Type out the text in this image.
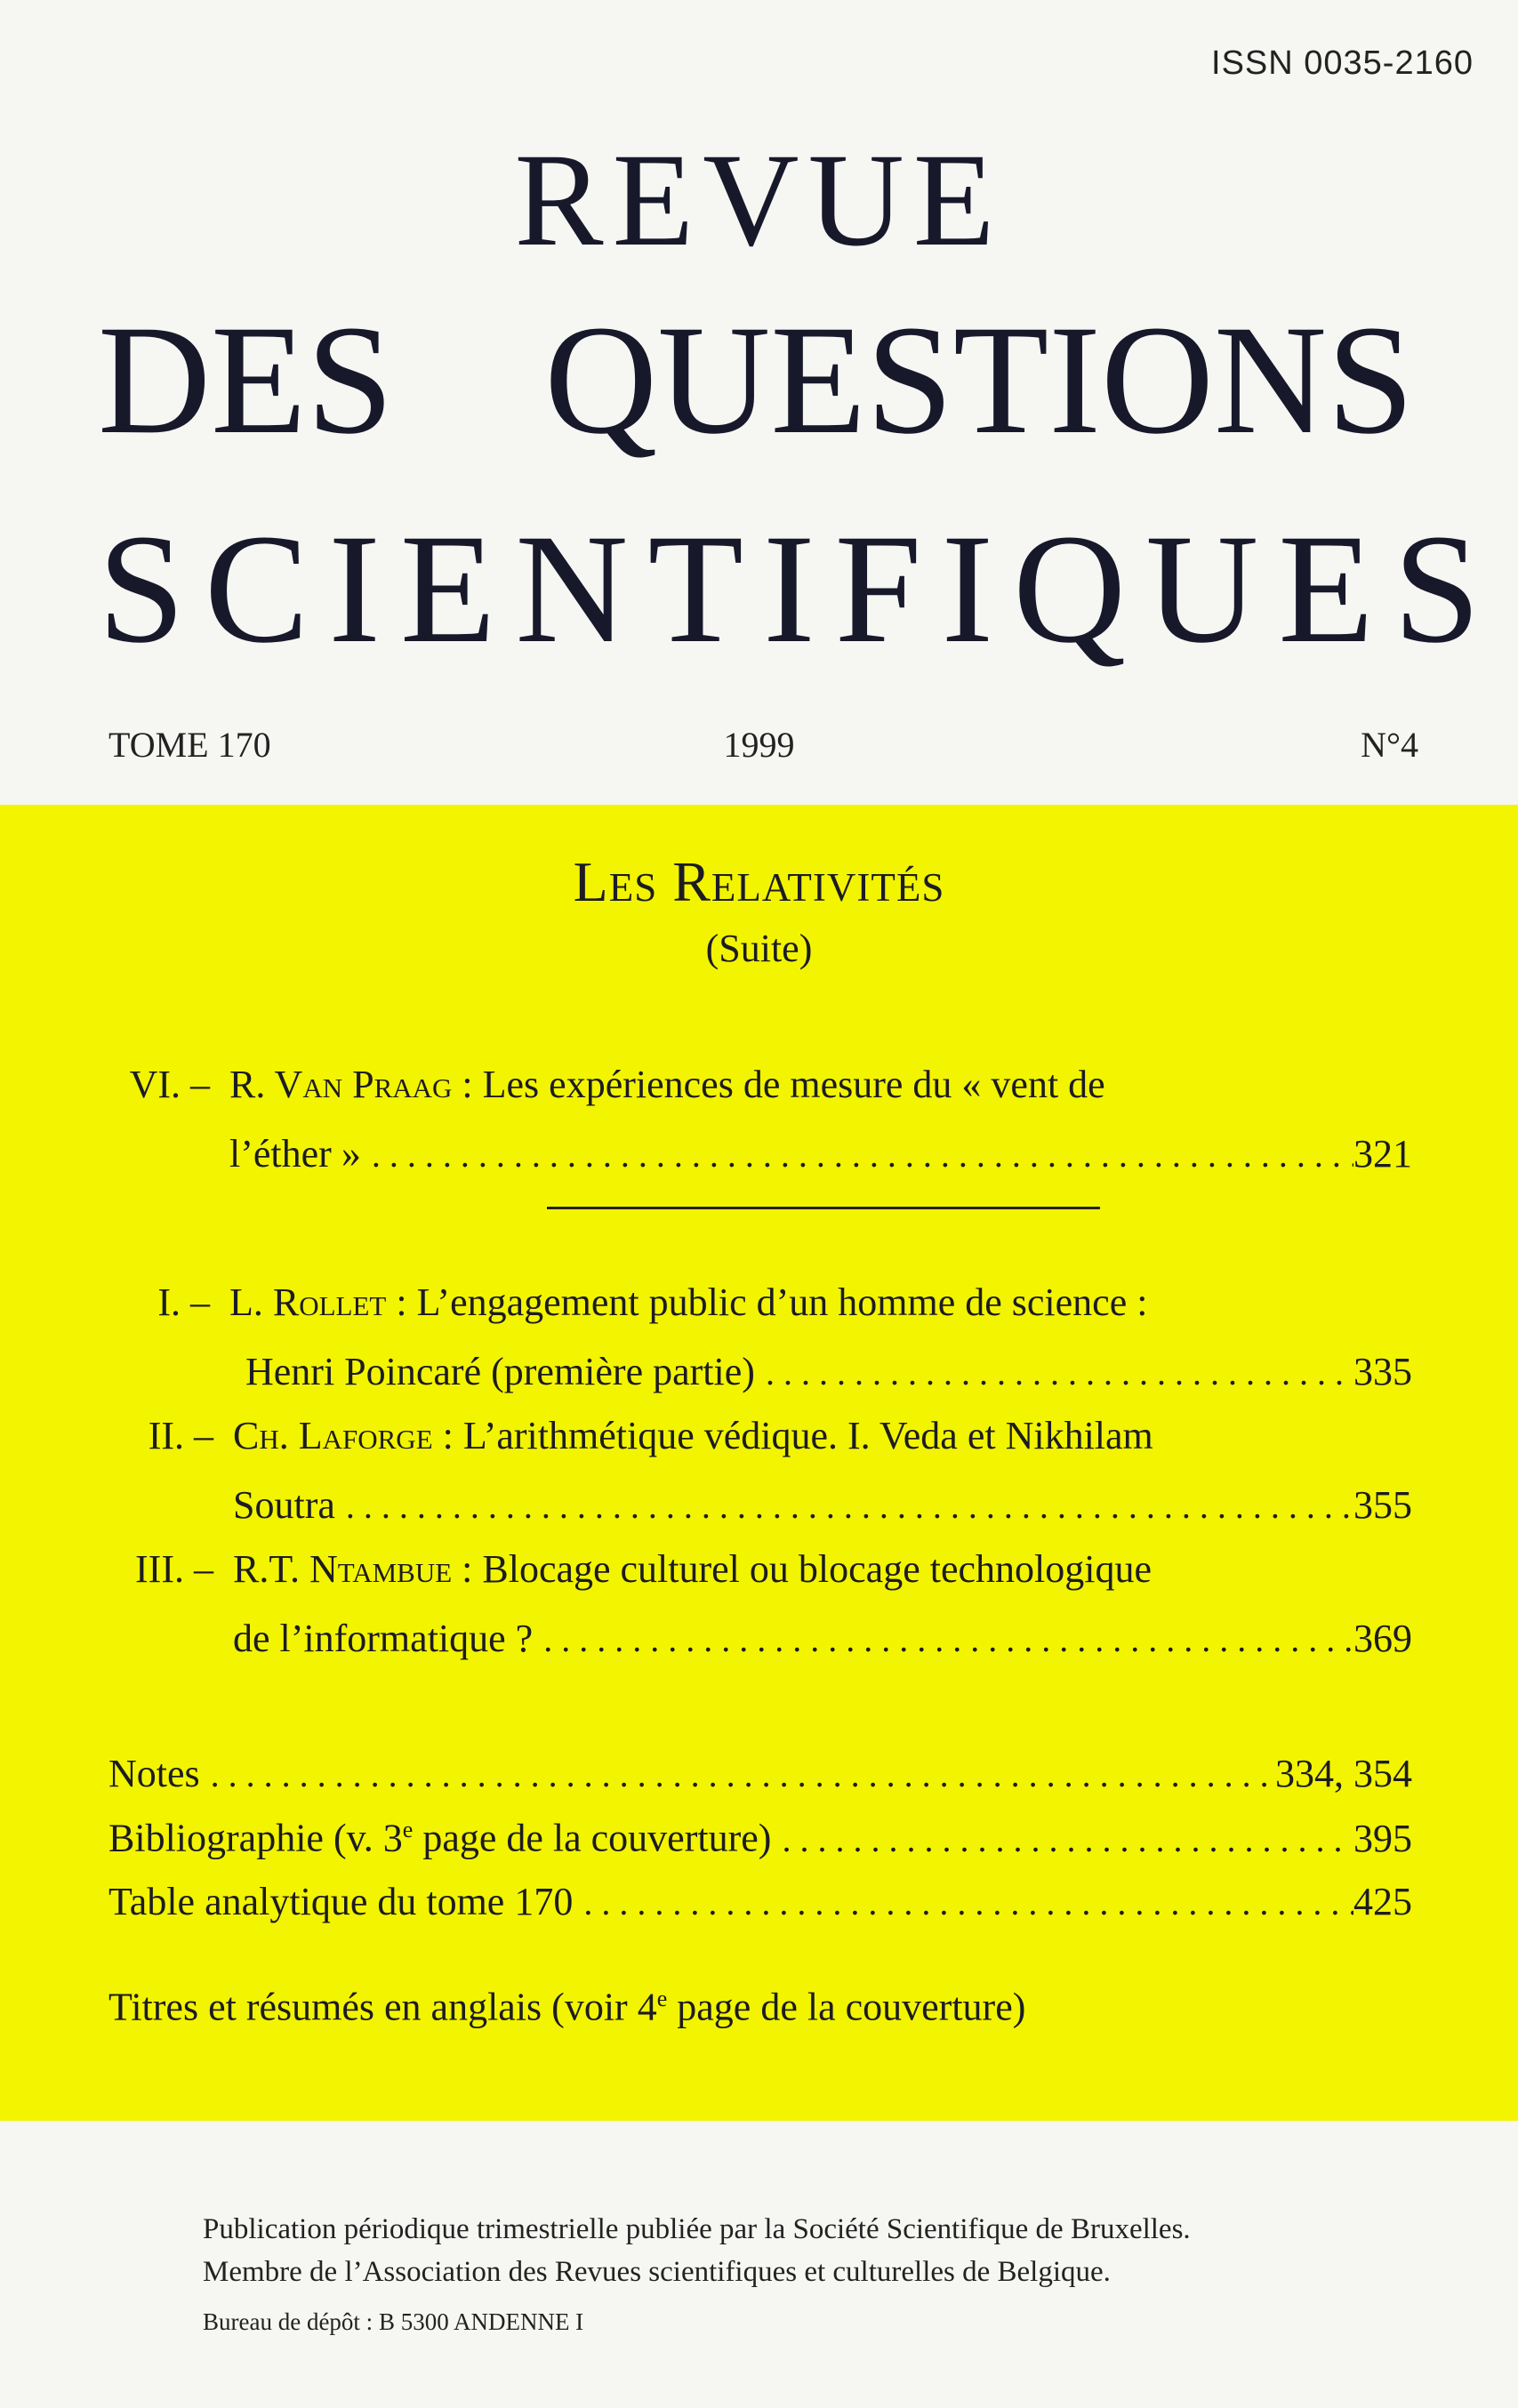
ISSN 0035-2160
REVUE
DES QUESTIONS
SCIENTIFIQUES
TOME 170	1999	N°4
Les Relativités
(Suite)
VI. – R. Van Praag : Les expériences de mesure du « vent de
l’éther » .....	321
I. – L. Rollet : L’engagement public d’un homme de science :
Henri Poincaré (première partie) .....	335
II. – Ch. Laforge : L’arithmétique védique. I. Veda et Nikhilam
Soutra .....	355
III. – R.T. Ntambue : Blocage culturel ou blocage technologique
de l’informatique ? .....	369
Notes .....	334, 354
Bibliographie (v. 3e page de la couverture) .....	395
Table analytique du tome 170 .....	425
Titres et résumés en anglais (voir 4e page de la couverture)
Publication périodique trimestrielle publiée par la Société Scientifique de Bruxelles.
Membre de l’Association des Revues scientifiques et culturelles de Belgique.
Bureau de dépôt : B 5300 ANDENNE I
